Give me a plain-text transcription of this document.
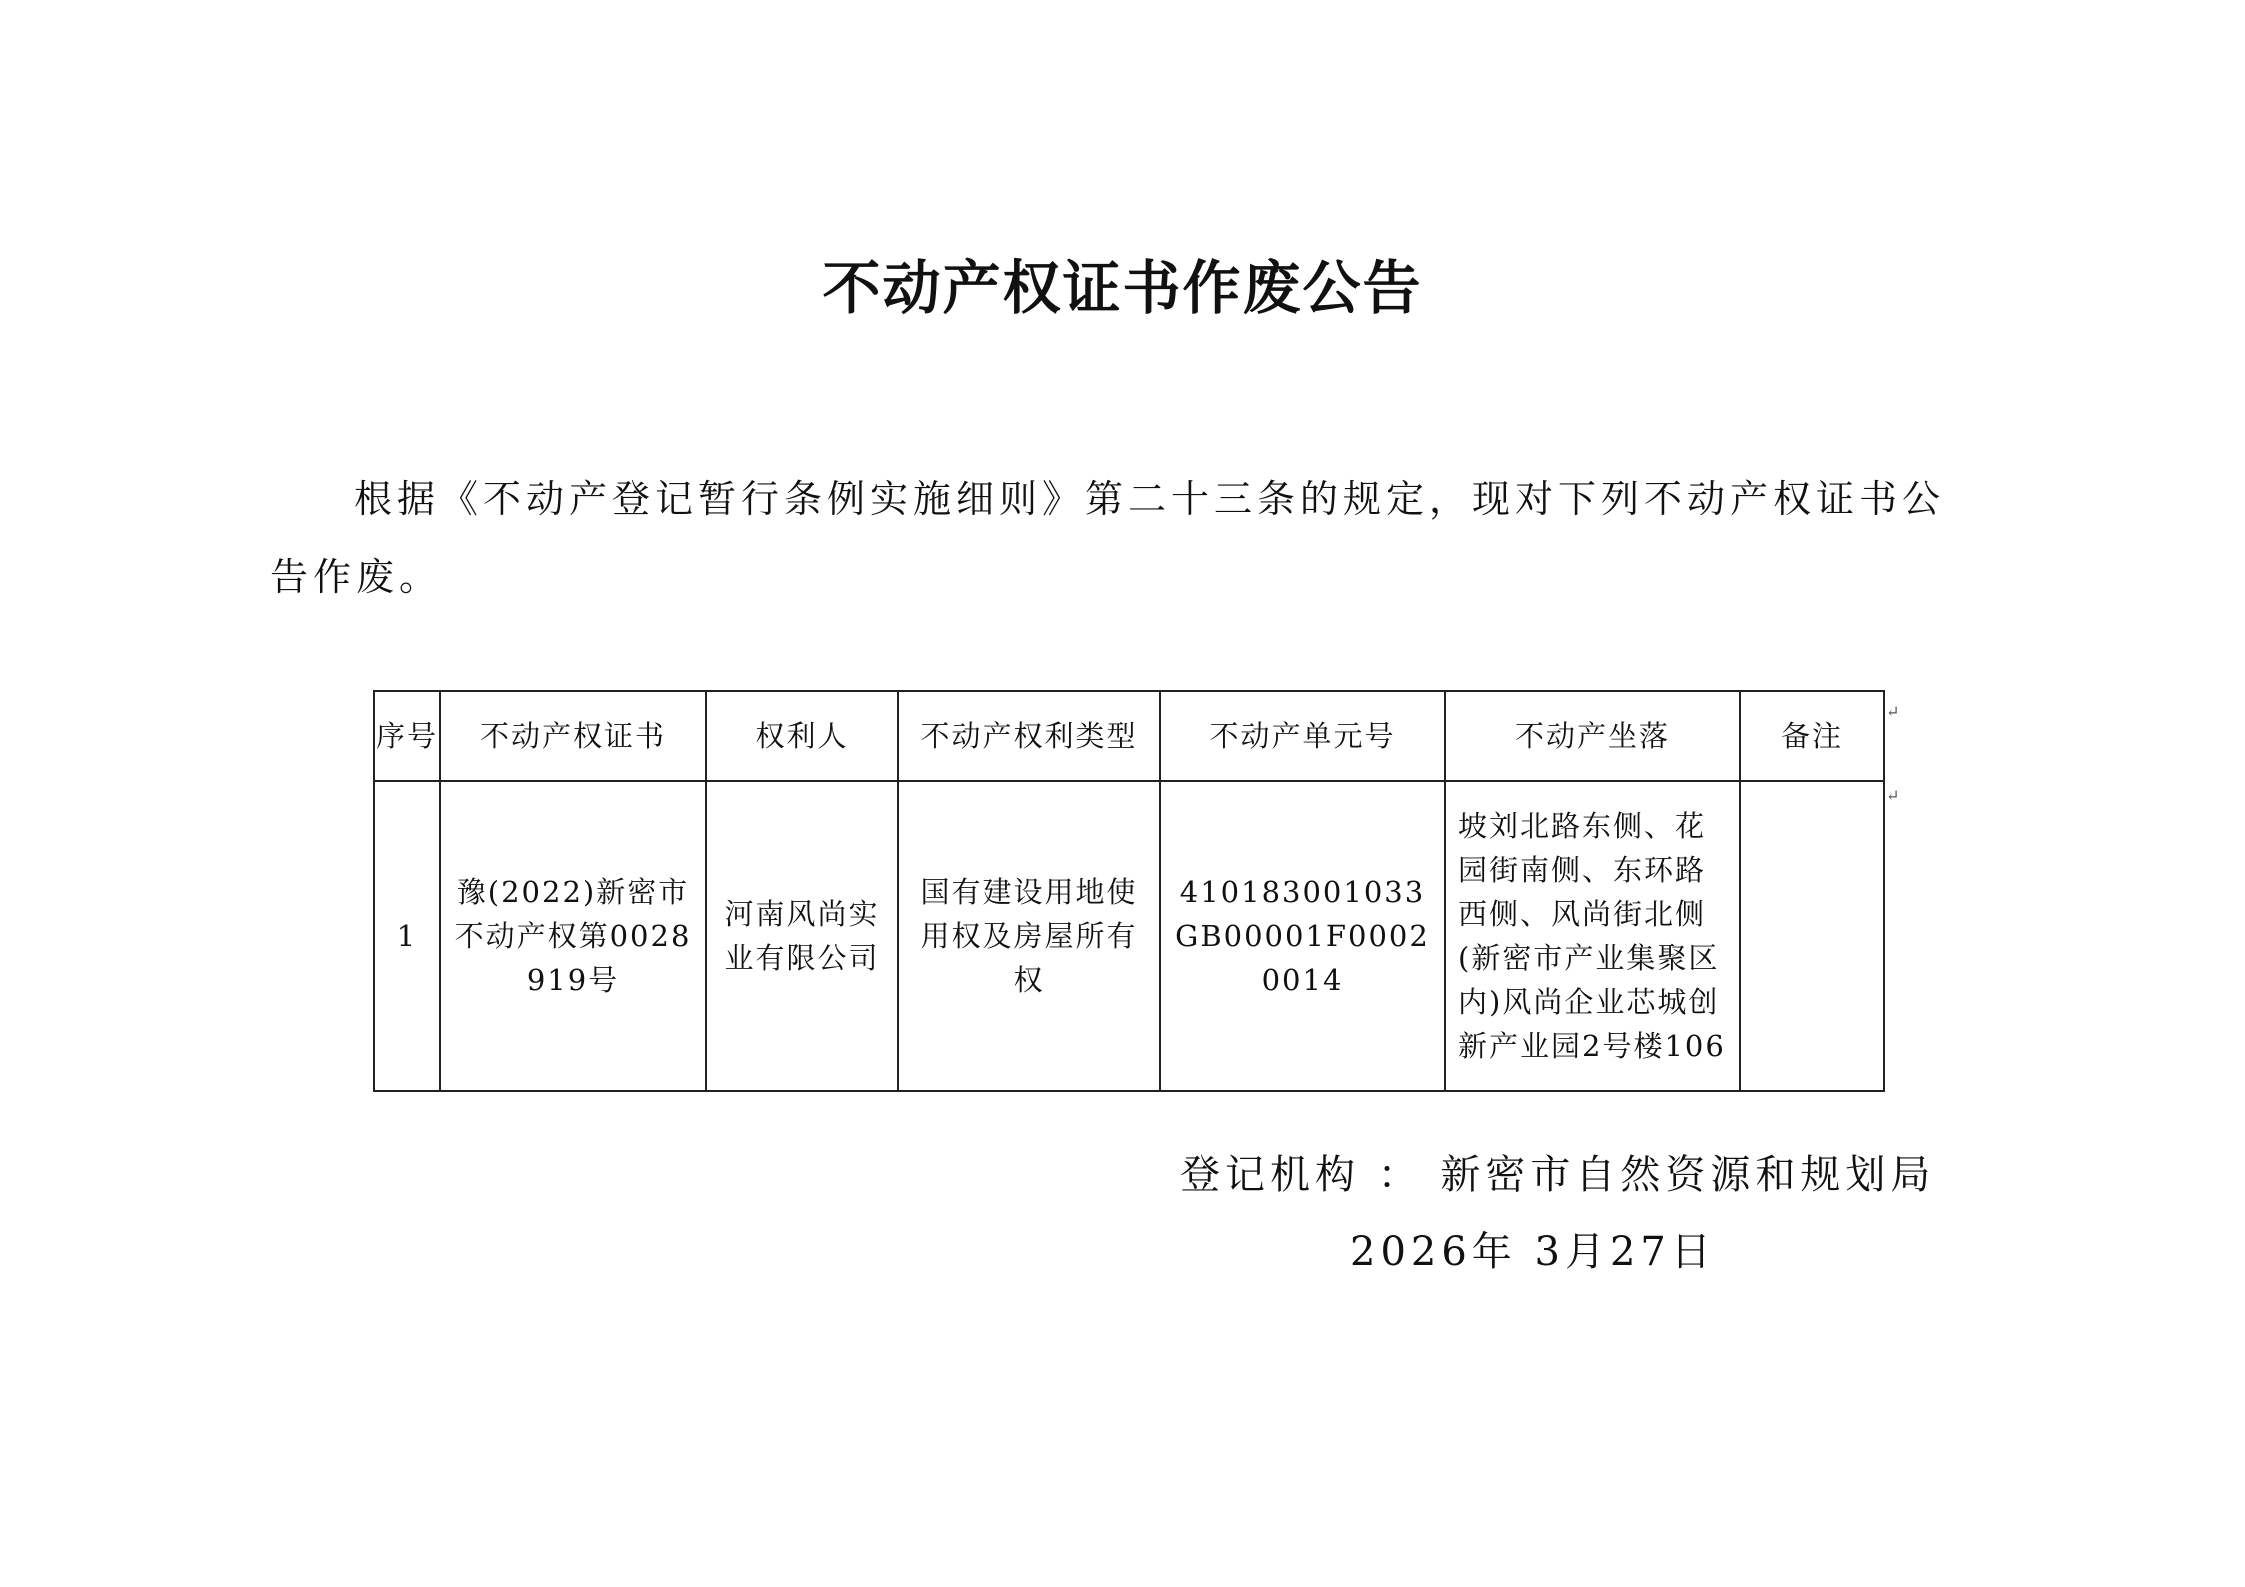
不动产权证书作废公告

根据《不动产登记暂行条例实施细则》第二十三条的规定，现对下列不动产权证书公告作废。

序号	不动产权证书	权利人	不动产权利类型	不动产单元号	不动产坐落	备注
1	豫(2022)新密市不动产权第0028919号	河南风尚实业有限公司	国有建设用地使用权及房屋所有权	410183001033GB00001F00020014	坡刘北路东侧、花园街南侧、东环路西侧、风尚街北侧(新密市产业集聚区内)风尚企业芯城创新产业园2号楼106	
↵
↵
登记机构 ： 新密市自然资源和规划局
2026年 3月27日
